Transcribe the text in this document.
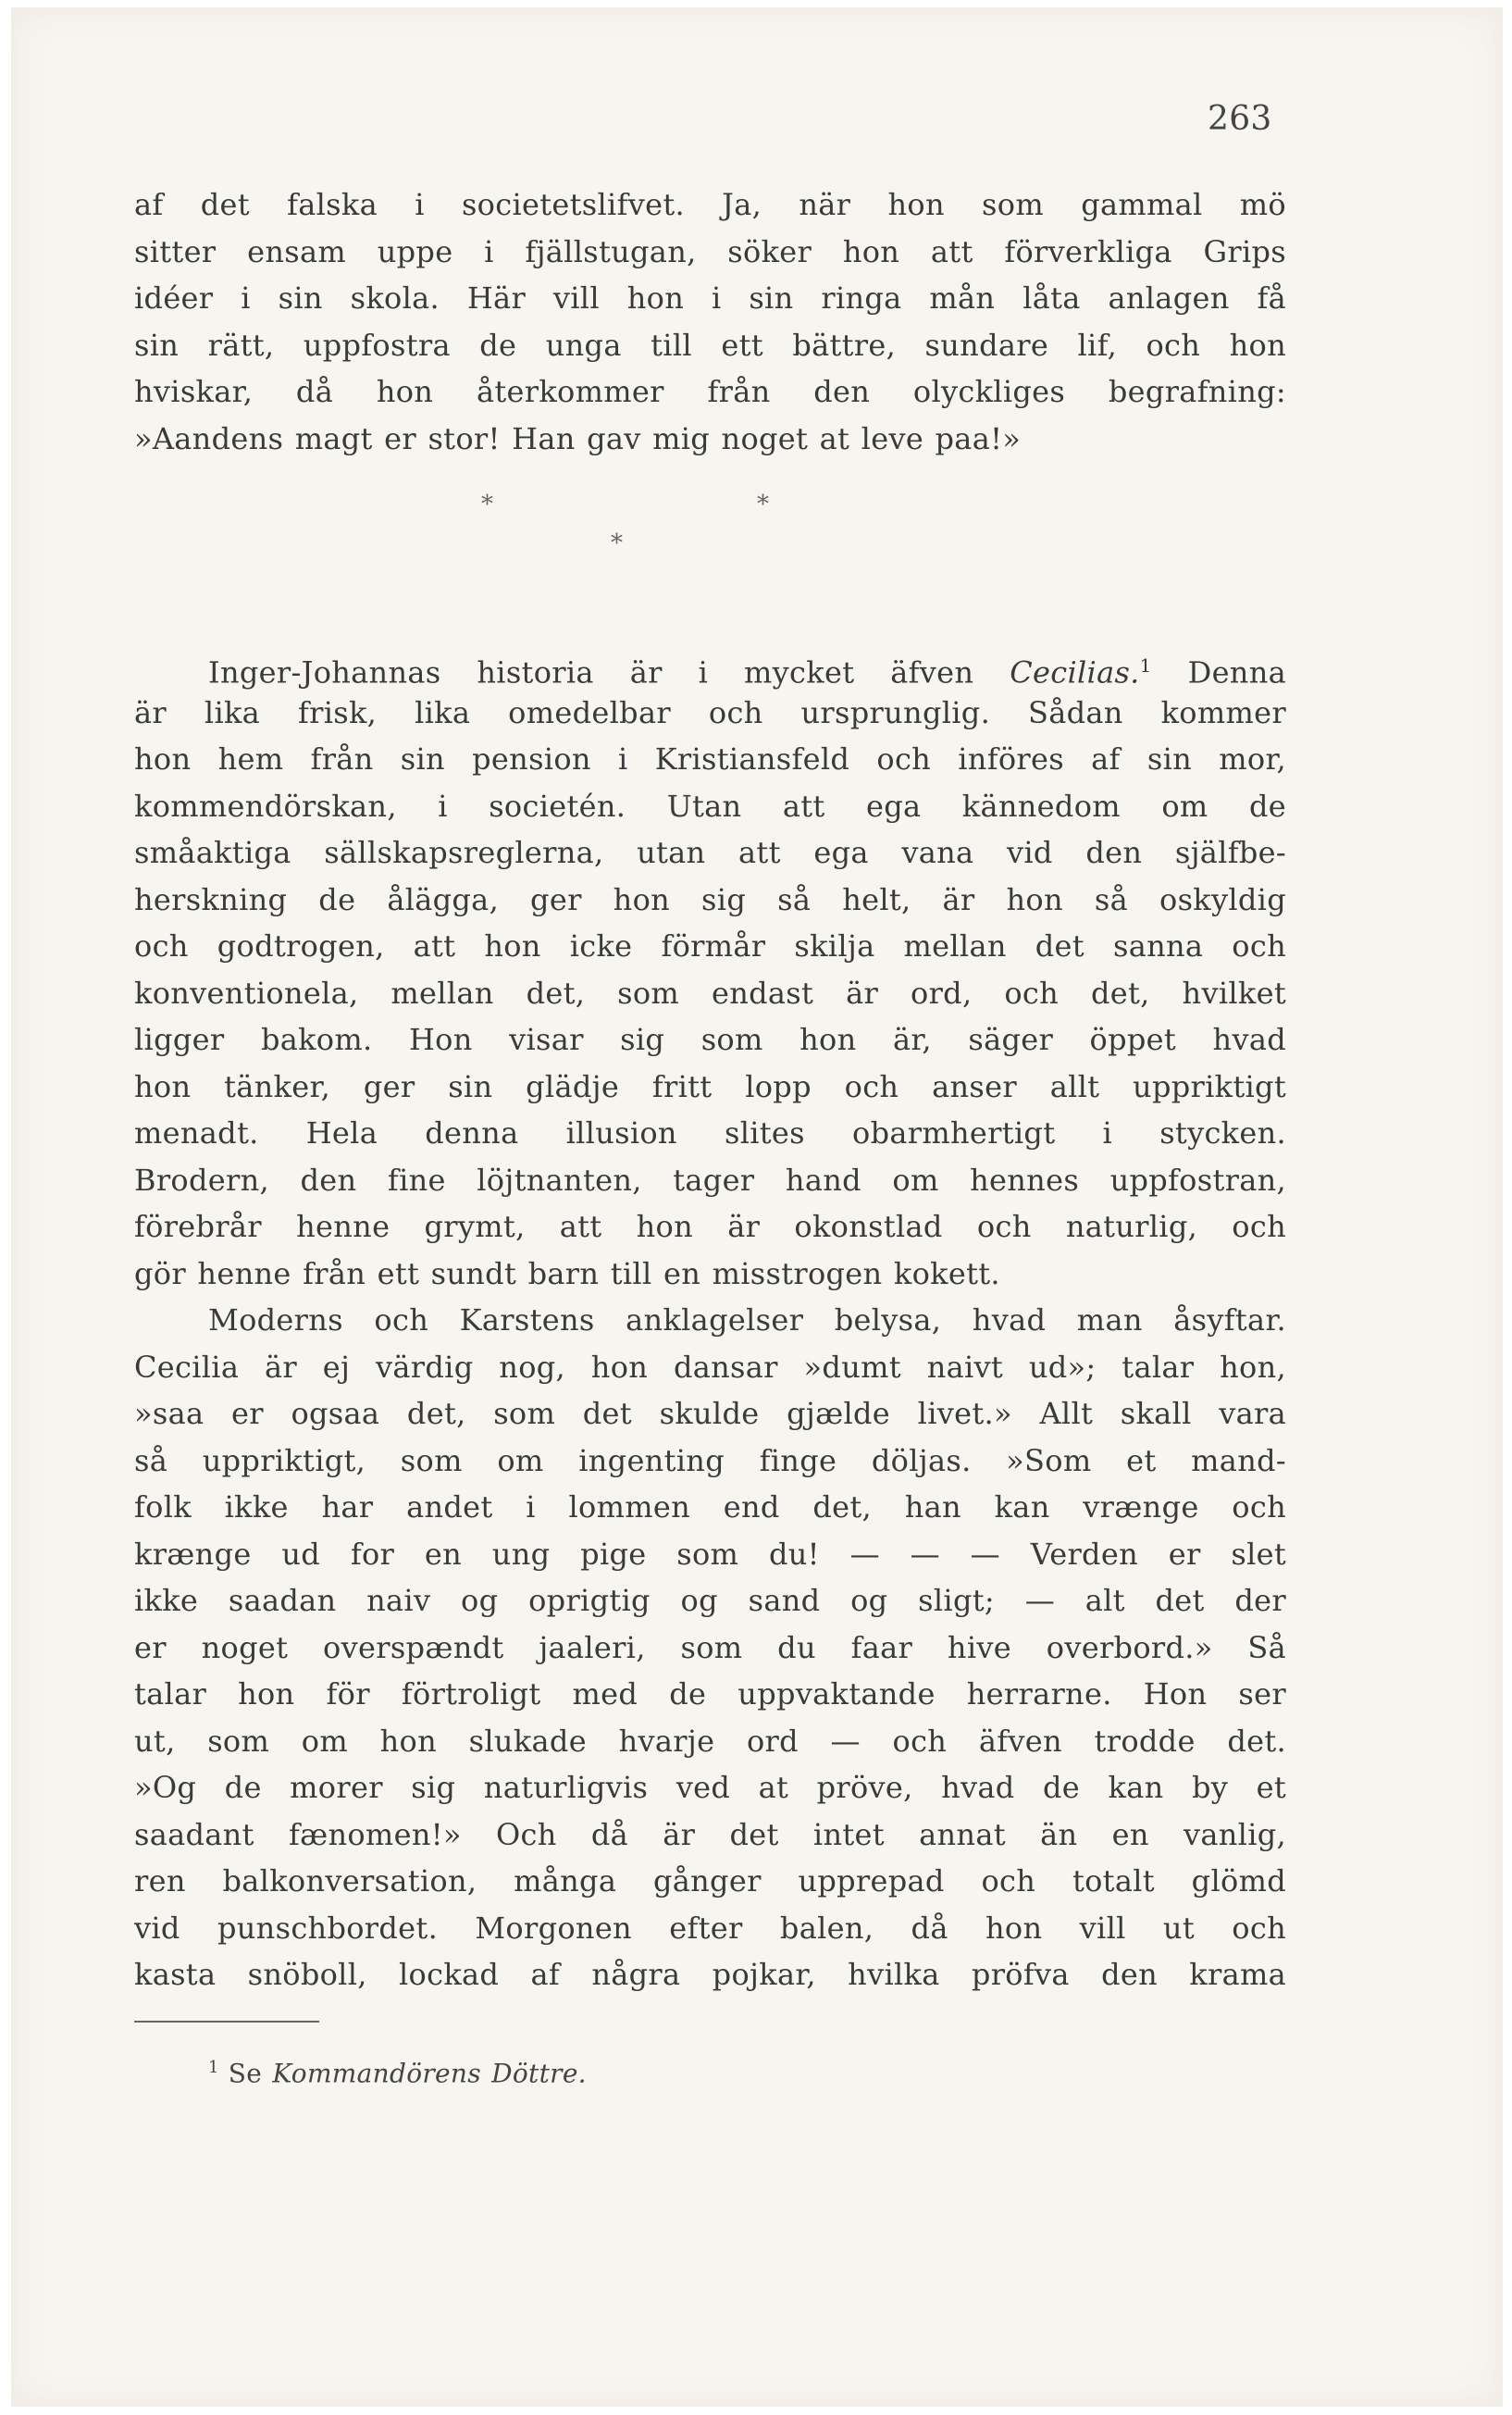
263
af det falska i societetslifvet. Ja, när hon som gammal mö
sitter ensam uppe i fjällstugan, söker hon att förverkliga Grips
idéer i sin skola. Här vill hon i sin ringa mån låta anlagen få
sin rätt, uppfostra de unga till ett bättre, sundare lif, och hon
hviskar, då hon återkommer från den olyckliges begrafning:
»Aandens magt er stor! Han gav mig noget at leve paa!»
*
*
*
Inger-Johannas historia är i mycket äfven Cecilias.$^1$ Denna
är lika frisk, lika omedelbar och ursprunglig. Sådan kommer
hon hem från sin pension i Kristiansfeld och införes af sin mor,
kommendörskan, i societén. Utan att ega kännedom om de
småaktiga sällskapsreglerna, utan att ega vana vid den själfbe-
herskning de ålägga, ger hon sig så helt, är hon så oskyldig
och godtrogen, att hon icke förmår skilja mellan det sanna och
konventionela, mellan det, som endast är ord, och det, hvilket
ligger bakom. Hon visar sig som hon är, säger öppet hvad
hon tänker, ger sin glädje fritt lopp och anser allt uppriktigt
menadt. Hela denna illusion slites obarmhertigt i stycken.
Brodern, den fine löjtnanten, tager hand om hennes uppfostran,
förebrår henne grymt, att hon är okonstlad och naturlig, och
gör henne från ett sundt barn till en misstrogen kokett.
Moderns och Karstens anklagelser belysa, hvad man åsyftar.
Cecilia är ej värdig nog, hon dansar »dumt naivt ud»; talar hon,
»saa er ogsaa det, som det skulde gjælde livet.» Allt skall vara
så uppriktigt, som om ingenting finge döljas. »Som et mand-
folk ikke har andet i lommen end det, han kan vrænge och
krænge ud for en ung pige som du! — — — Verden er slet
ikke saadan naiv og oprigtig og sand og sligt; — alt det der
er noget overspændt jaaleri, som du faar hive overbord.» Så
talar hon för förtroligt med de uppvaktande herrarne. Hon ser
ut, som om hon slukade hvarje ord — och äfven trodde det.
»Og de morer sig naturligvis ved at pröve, hvad de kan by et
saadant fænomen!» Och då är det intet annat än en vanlig,
ren balkonversation, många gånger upprepad och totalt glömd
vid punschbordet. Morgonen efter balen, då hon vill ut och
kasta snöboll, lockad af några pojkar, hvilka pröfva den krama
$^1$ Se Kommandörens Döttre.
